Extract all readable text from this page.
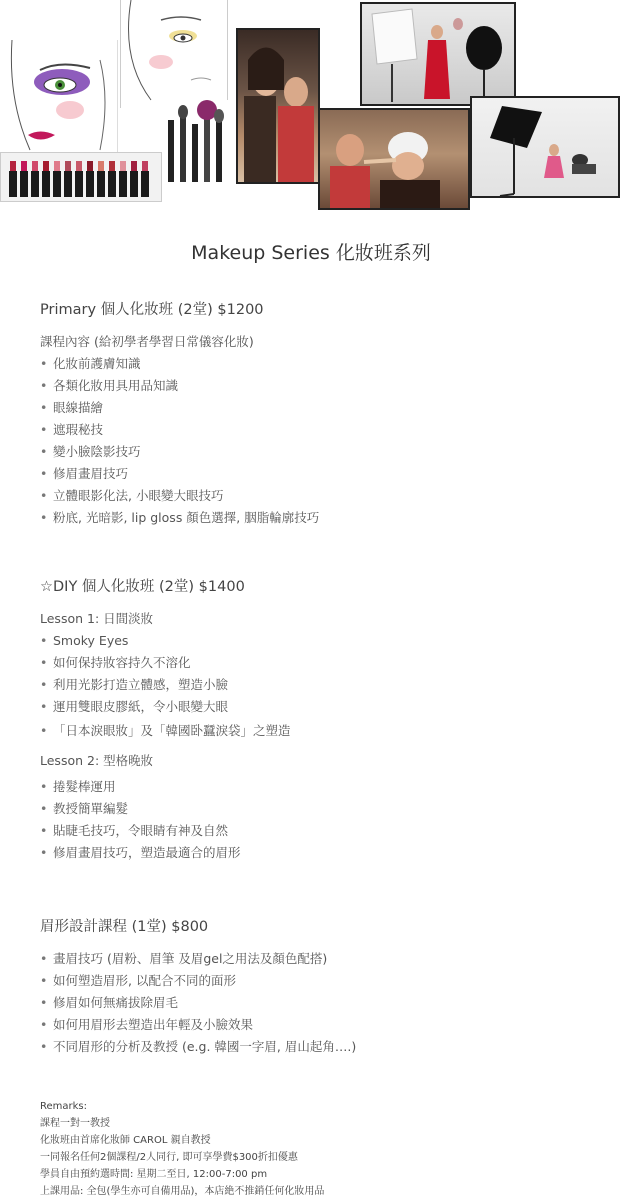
Makeup Series 化妝班系列
Primary 個人化妝班 (2堂) $1200

課程內容 (給初學者學習日常儀容化妝)

• 化妝前護膚知識
• 各類化妝用具用品知識
• 眼線描繪
• 遮瑕秘技
• 變小臉陰影技巧
• 修眉畫眉技巧
• 立體眼影化法, 小眼變大眼技巧
• 粉底, 光暗影, lip gloss 顏色選擇, 胭脂輪廓技巧
☆DIY 個人化妝班 (2堂) $1400

Lesson 1: 日間淡妝

• Smoky Eyes
• 如何保持妝容持久不溶化
• 利用光影打造立體感，塑造小臉
• 運用雙眼皮膠紙，令小眼變大眼
• 「日本淚眼妝」及「韓國卧蠶淚袋」之塑造

Lesson 2: 型格晚妝

• 捲髮棒運用
• 教授簡單編髮
• 貼睫毛技巧，令眼睛有神及自然
• 修眉畫眉技巧，塑造最適合的眉形
眉形設計課程 (1堂) $800
• 畫眉技巧 (眉粉、眉筆 及眉gel之用法及顏色配搭)
• 如何塑造眉形, 以配合不同的面形
• 修眉如何無痛拔除眉毛
• 如何用眉形去塑造出年輕及小臉效果
• 不同眉形的分析及教授 (e.g. 韓國一字眉, 眉山起角….)
Remarks:
課程一對一教授
化妝班由首席化妝師 CAROL 親自教授
一同報名任何2個課程/2人同行, 即可享學費$300折扣優惠
學員自由預約選時間: 星期二至日, 12:00-7:00 pm
上課用品: 全包(學生亦可自備用品)，本店絶不推銷任何化妝用品
